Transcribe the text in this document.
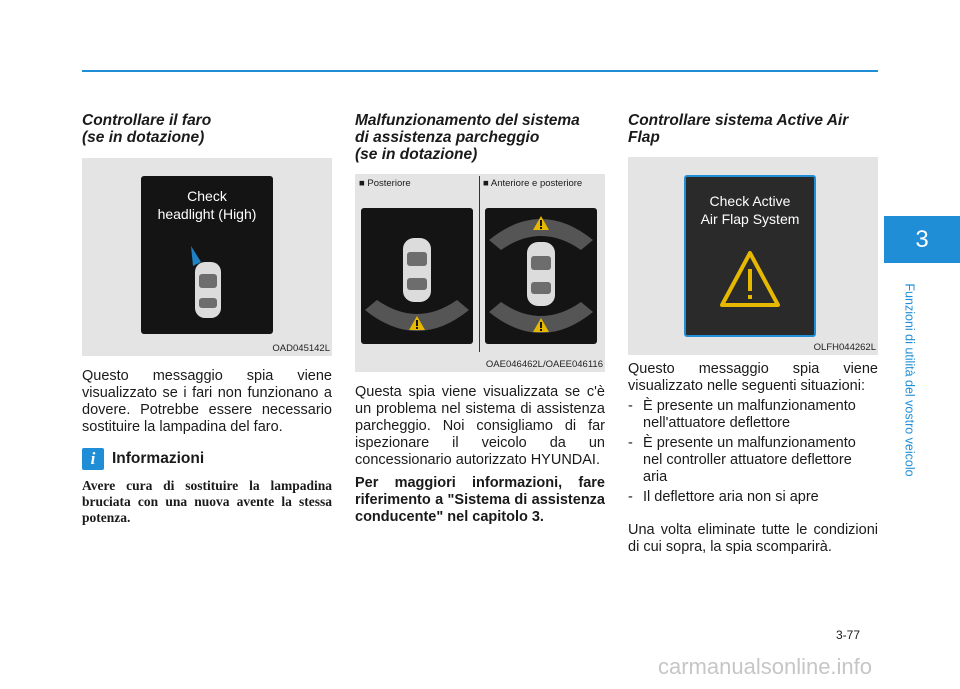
3
Funzioni di utilità del vostro veicolo
Controllare il faro
(se in dotazione)
Check
headlight (High)
OAD045142L

Questo messaggio spia viene visualizzato se i fari non funzionano a dovere. Potrebbe essere necessario sostituire la lampadina del faro.

i	Informazioni
Avere cura di sostituire la lampadina bruciata con una nuova avente la stessa potenza.
Malfunzionamento del sistema
di assistenza parcheggio
(se in dotazione)
■ Posteriore	■ Anteriore e posteriore
OAE046462L/OAEE046116

Questa spia viene visualizzata se c'è un problema nel sistema di assistenza parcheggio. Noi consigliamo di far ispezionare il veicolo da un concessionario autorizzato HYUNDAI.

Per maggiori informazioni, fare riferimento a "Sistema di assistenza conducente" nel capitolo 3.

Controllare sistema Active Air
Flap
Check Active
Air Flap System
OLFH044262L

Questo messaggio spia viene visualizzato nelle seguenti situazioni:

- È presente un malfunzionamento nell'attuatore deflettore
- È presente un malfunzionamento nel controller attuatore deflettore aria
- Il deflettore aria non si apre

Una volta eliminate tutte le condizioni di cui sopra, la spia scomparirà.

3-77
carmanualsonline.info
